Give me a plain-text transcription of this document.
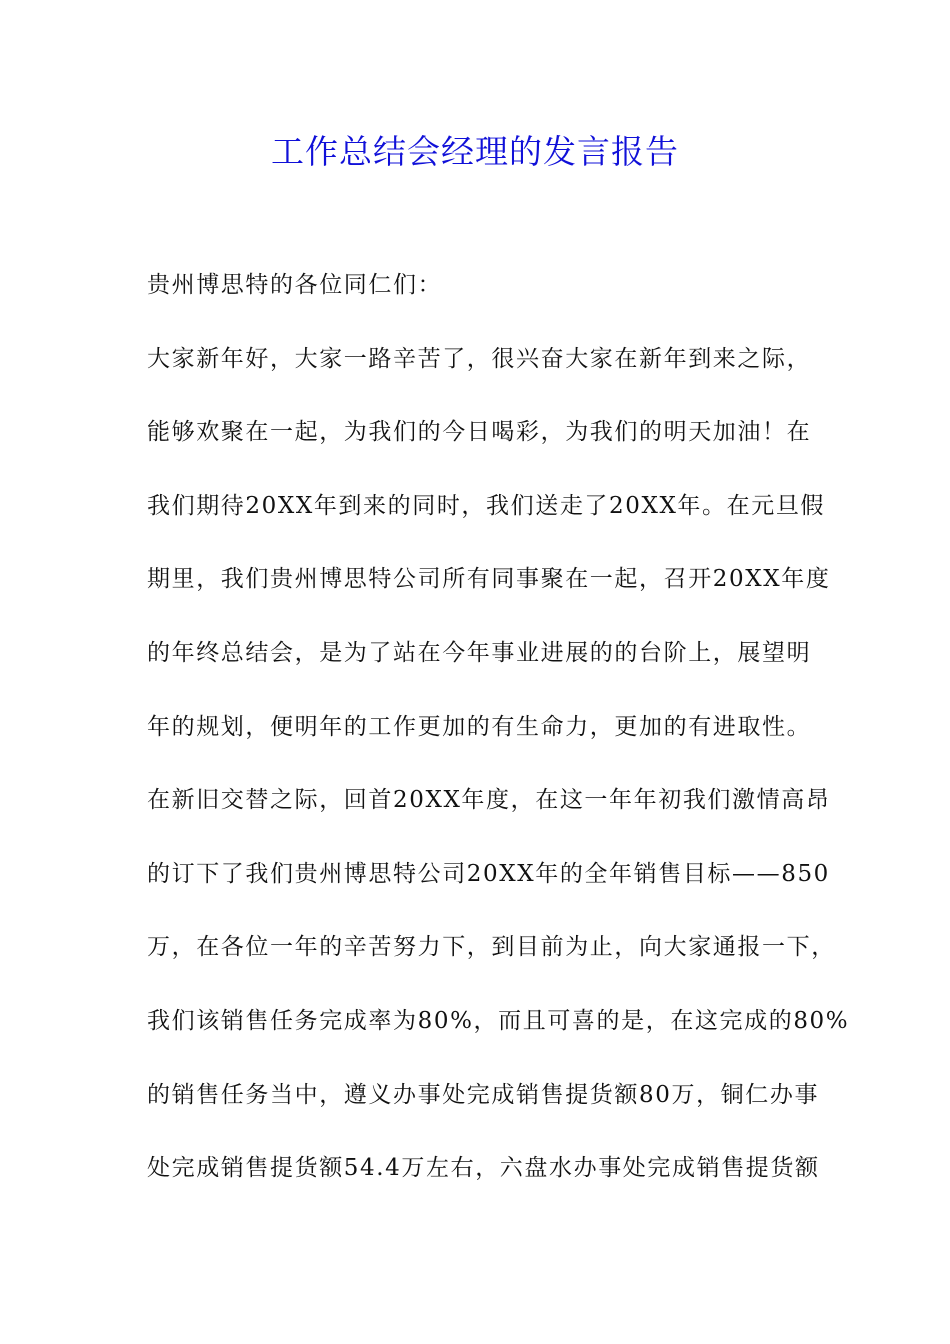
工作总结会经理的发言报告
贵州博思特的各位同仁们：
大家新年好，大家一路辛苦了，很兴奋大家在新年到来之际，
能够欢聚在一起，为我们的今日喝彩，为我们的明天加油！在
我们期待20XX年到来的同时，我们送走了20XX年。在元旦假
期里，我们贵州博思特公司所有同事聚在一起，召开20XX年度
的年终总结会，是为了站在今年事业进展的的台阶上，展望明
年的规划，便明年的工作更加的有生命力，更加的有进取性。
在新旧交替之际，回首20XX年度，在这一年年初我们激情高昂
的订下了我们贵州博思特公司20XX年的全年销售目标——850
万，在各位一年的辛苦努力下，到目前为止，向大家通报一下，
我们该销售任务完成率为80%，而且可喜的是，在这完成的80%
的销售任务当中，遵义办事处完成销售提货额80万，铜仁办事
处完成销售提货额54.4万左右，六盘水办事处完成销售提货额
